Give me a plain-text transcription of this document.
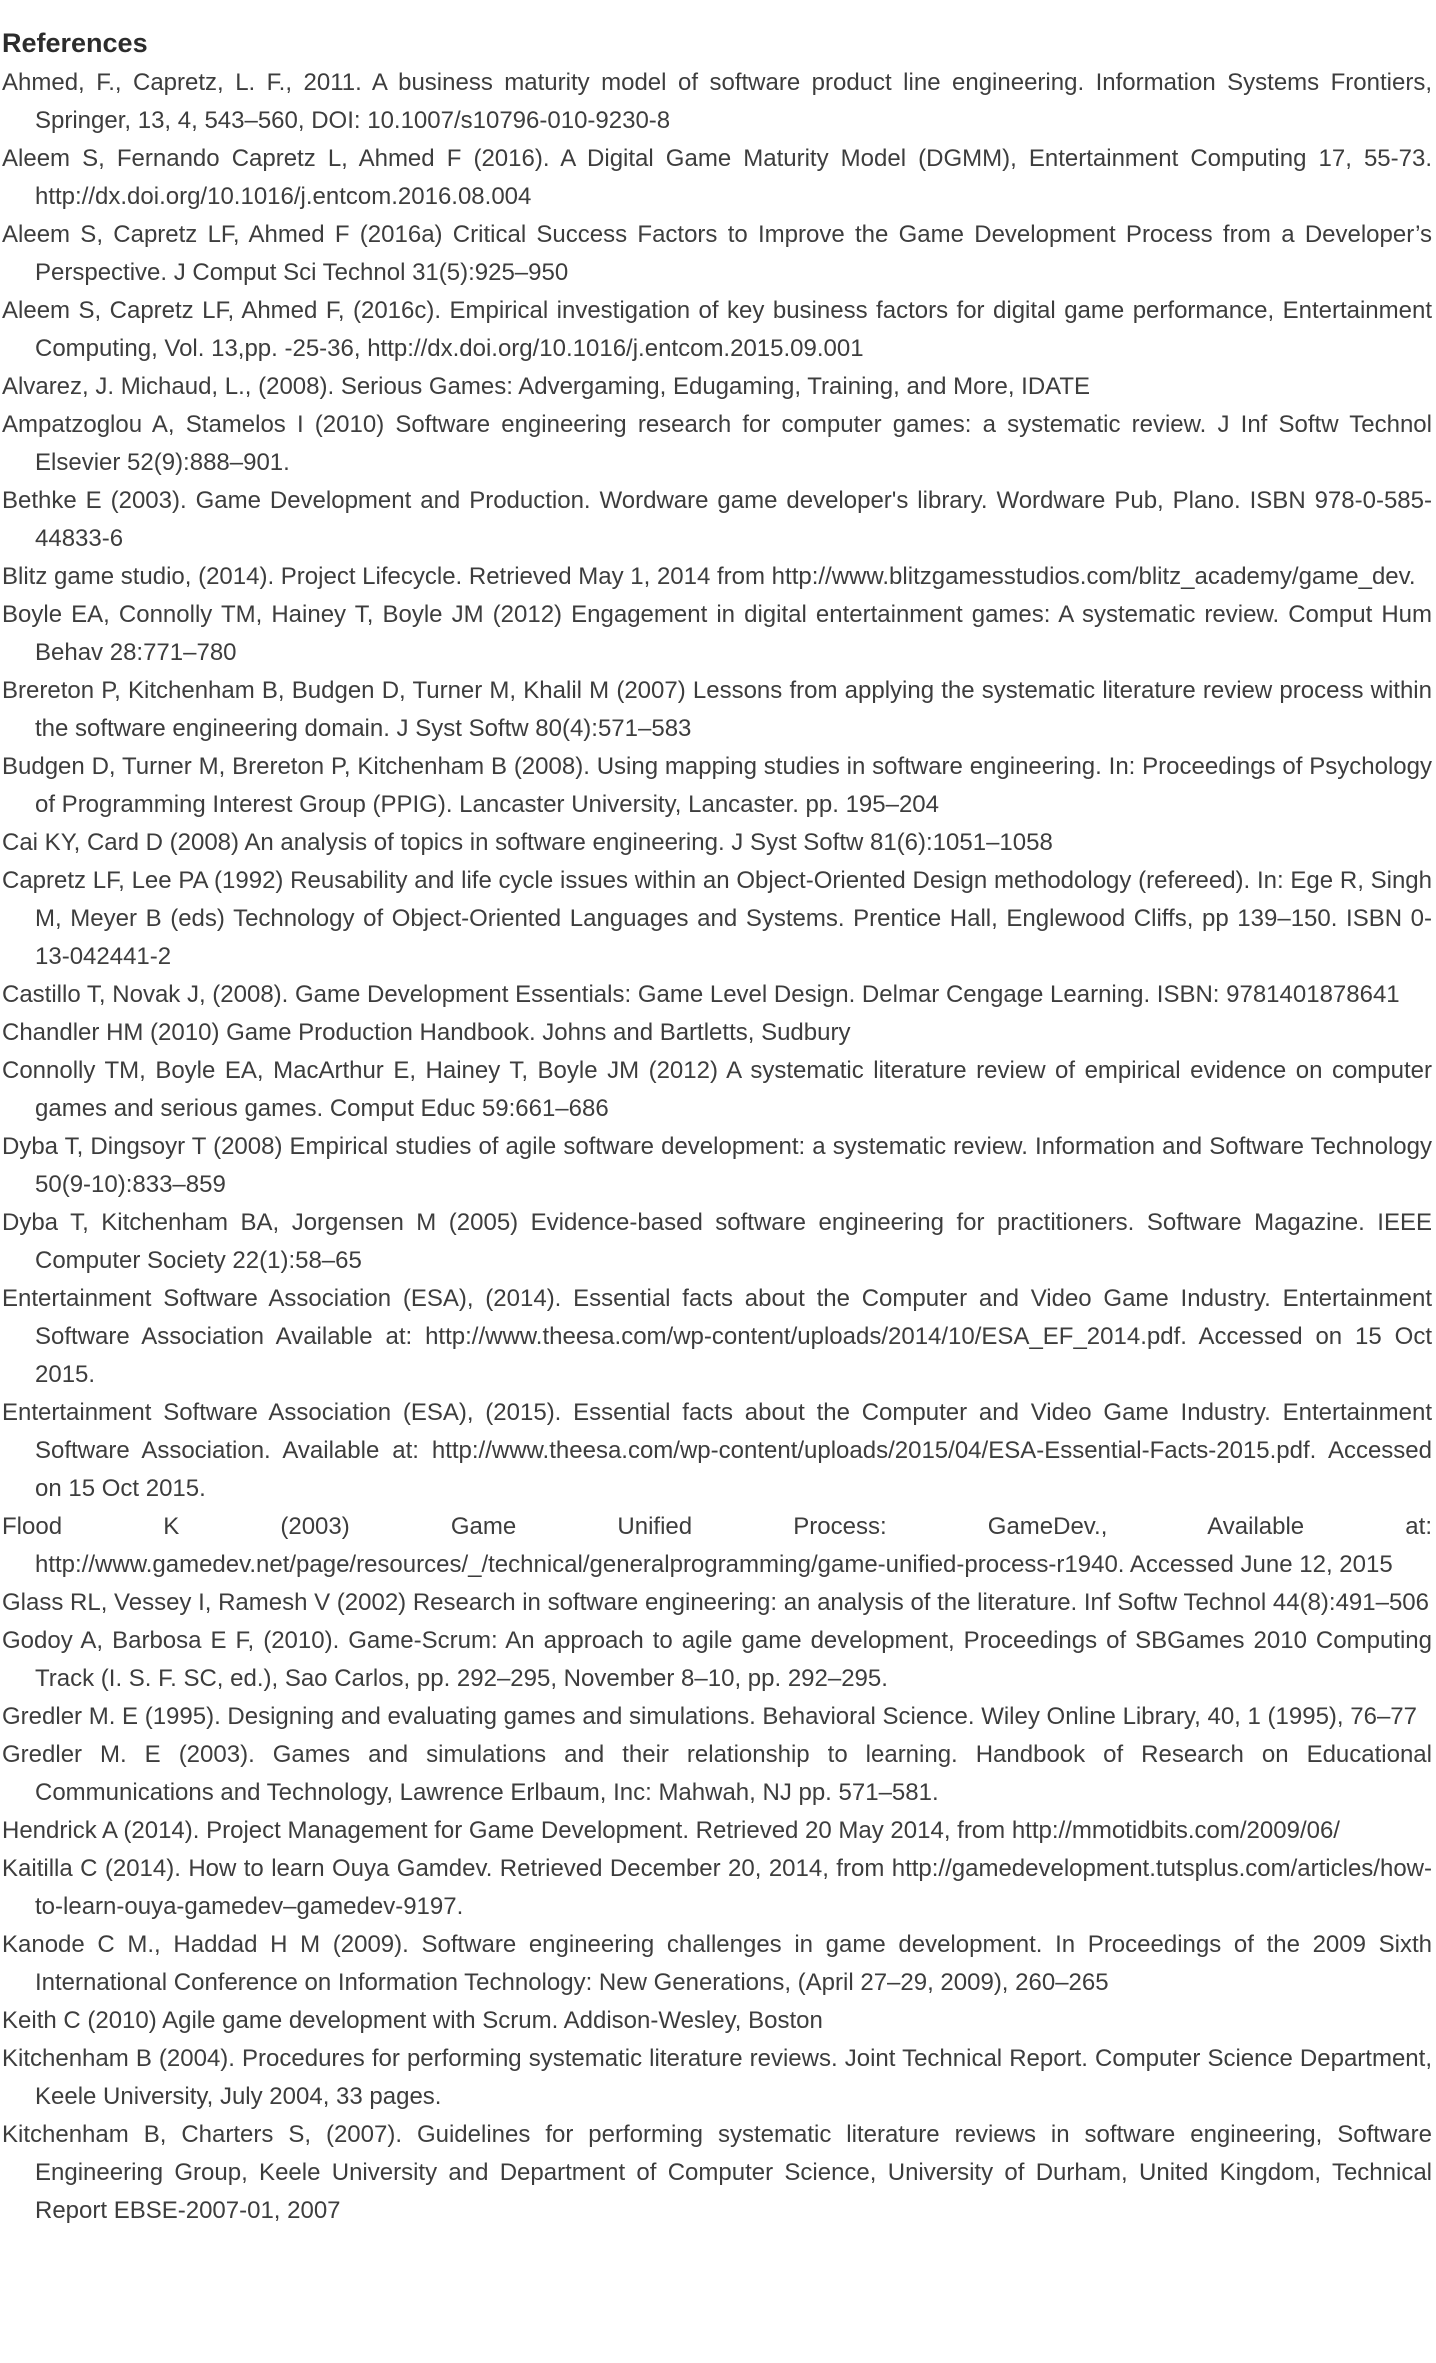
References

Ahmed, F., Capretz, L. F., 2011. A business maturity model of software product line engineering. Information Systems Frontiers, Springer, 13, 4, 543–560, DOI: 10.1007/s10796-010-9230-8

Aleem S, Fernando Capretz L, Ahmed F (2016). A Digital Game Maturity Model (DGMM), Entertainment Computing 17, 55-73. http://dx.doi.org/10.1016/j.entcom.2016.08.004

Aleem S, Capretz LF, Ahmed F (2016a) Critical Success Factors to Improve the Game Development Process from a Developer’s Perspective. J Comput Sci Technol 31(5):925–950

Aleem S, Capretz LF, Ahmed F, (2016c). Empirical investigation of key business factors for digital game performance, Entertainment Computing, Vol. 13,pp. -25-36, http://dx.doi.org/10.1016/j.entcom.2015.09.001

Alvarez, J. Michaud, L., (2008). Serious Games: Advergaming, Edugaming, Training, and More, IDATE

Ampatzoglou A, Stamelos I (2010) Software engineering research for computer games: a systematic review. J Inf Softw Technol Elsevier 52(9):888–901.

Bethke E (2003). Game Development and Production. Wordware game developer's library. Wordware Pub, Plano. ISBN 978-0-585-44833-6

Blitz game studio, (2014). Project Lifecycle. Retrieved May 1, 2014 from http://www.blitzgamesstudios.com/blitz_academy/game_dev.

Boyle EA, Connolly TM, Hainey T, Boyle JM (2012) Engagement in digital entertainment games: A systematic review. Comput Hum Behav 28:771–780

Brereton P, Kitchenham B, Budgen D, Turner M, Khalil M (2007) Lessons from applying the systematic literature review process within the software engineering domain. J Syst Softw 80(4):571–583

Budgen D, Turner M, Brereton P, Kitchenham B (2008). Using mapping studies in software engineering. In: Proceedings of Psychology of Programming Interest Group (PPIG). Lancaster University, Lancaster. pp. 195–204

Cai KY, Card D (2008) An analysis of topics in software engineering. J Syst Softw 81(6):1051–1058

Capretz LF, Lee PA (1992) Reusability and life cycle issues within an Object-Oriented Design methodology (refereed). In: Ege R, Singh M, Meyer B (eds) Technology of Object-Oriented Languages and Systems. Prentice Hall, Englewood Cliffs, pp 139–150. ISBN 0-13-042441-2

Castillo T, Novak J, (2008). Game Development Essentials: Game Level Design. Delmar Cengage Learning. ISBN: 9781401878641

Chandler HM (2010) Game Production Handbook. Johns and Bartletts, Sudbury

Connolly TM, Boyle EA, MacArthur E, Hainey T, Boyle JM (2012) A systematic literature review of empirical evidence on computer games and serious games. Comput Educ 59:661–686

Dyba T, Dingsoyr T (2008) Empirical studies of agile software development: a systematic review. Information and Software Technology 50(9-10):833–859

Dyba T, Kitchenham BA, Jorgensen M (2005) Evidence-based software engineering for practitioners. Software Magazine. IEEE Computer Society 22(1):58–65

Entertainment Software Association (ESA), (2014). Essential facts about the Computer and Video Game Industry. Entertainment Software Association Available at: http://www.theesa.com/wp-content/uploads/2014/10/ESA_EF_2014.pdf. Accessed on 15 Oct 2015.

Entertainment Software Association (ESA), (2015). Essential facts about the Computer and Video Game Industry. Entertainment Software Association. Available at: http://www.theesa.com/wp-content/uploads/2015/04/ESA-Essential-Facts-2015.pdf. Accessed on 15 Oct 2015.

Flood K (2003) Game Unified Process: GameDev., Available at: http://www.gamedev.net/page/resources/_/technical/generalprogramming/game-unified-process-r1940. Accessed June 12, 2015

Glass RL, Vessey I, Ramesh V (2002) Research in software engineering: an analysis of the literature. Inf Softw Technol 44(8):491–506

Godoy A, Barbosa E F, (2010). Game-Scrum: An approach to agile game development, Proceedings of SBGames 2010 Computing Track (I. S. F. SC, ed.), Sao Carlos, pp. 292–295, November 8–10, pp. 292–295.

Gredler M. E (1995). Designing and evaluating games and simulations. Behavioral Science. Wiley Online Library, 40, 1 (1995), 76–77

Gredler M. E (2003). Games and simulations and their relationship to learning. Handbook of Research on Educational Communications and Technology, Lawrence Erlbaum, Inc: Mahwah, NJ pp. 571–581.

Hendrick A (2014). Project Management for Game Development. Retrieved 20 May 2014, from http://mmotidbits.com/2009/06/

Kaitilla C (2014). How to learn Ouya Gamdev. Retrieved December 20, 2014, from http://gamedevelopment.tutsplus.com/articles/how-to-learn-ouya-gamedev–gamedev-9197.

Kanode C M., Haddad H M (2009). Software engineering challenges in game development. In Proceedings of the 2009 Sixth International Conference on Information Technology: New Generations, (April 27–29, 2009), 260–265

Keith C (2010) Agile game development with Scrum. Addison-Wesley, Boston

Kitchenham B (2004). Procedures for performing systematic literature reviews. Joint Technical Report. Computer Science Department, Keele University, July 2004, 33 pages.

Kitchenham B, Charters S, (2007). Guidelines for performing systematic literature reviews in software engineering, Software Engineering Group, Keele University and Department of Computer Science, University of Durham, United Kingdom, Technical Report EBSE-2007-01, 2007
